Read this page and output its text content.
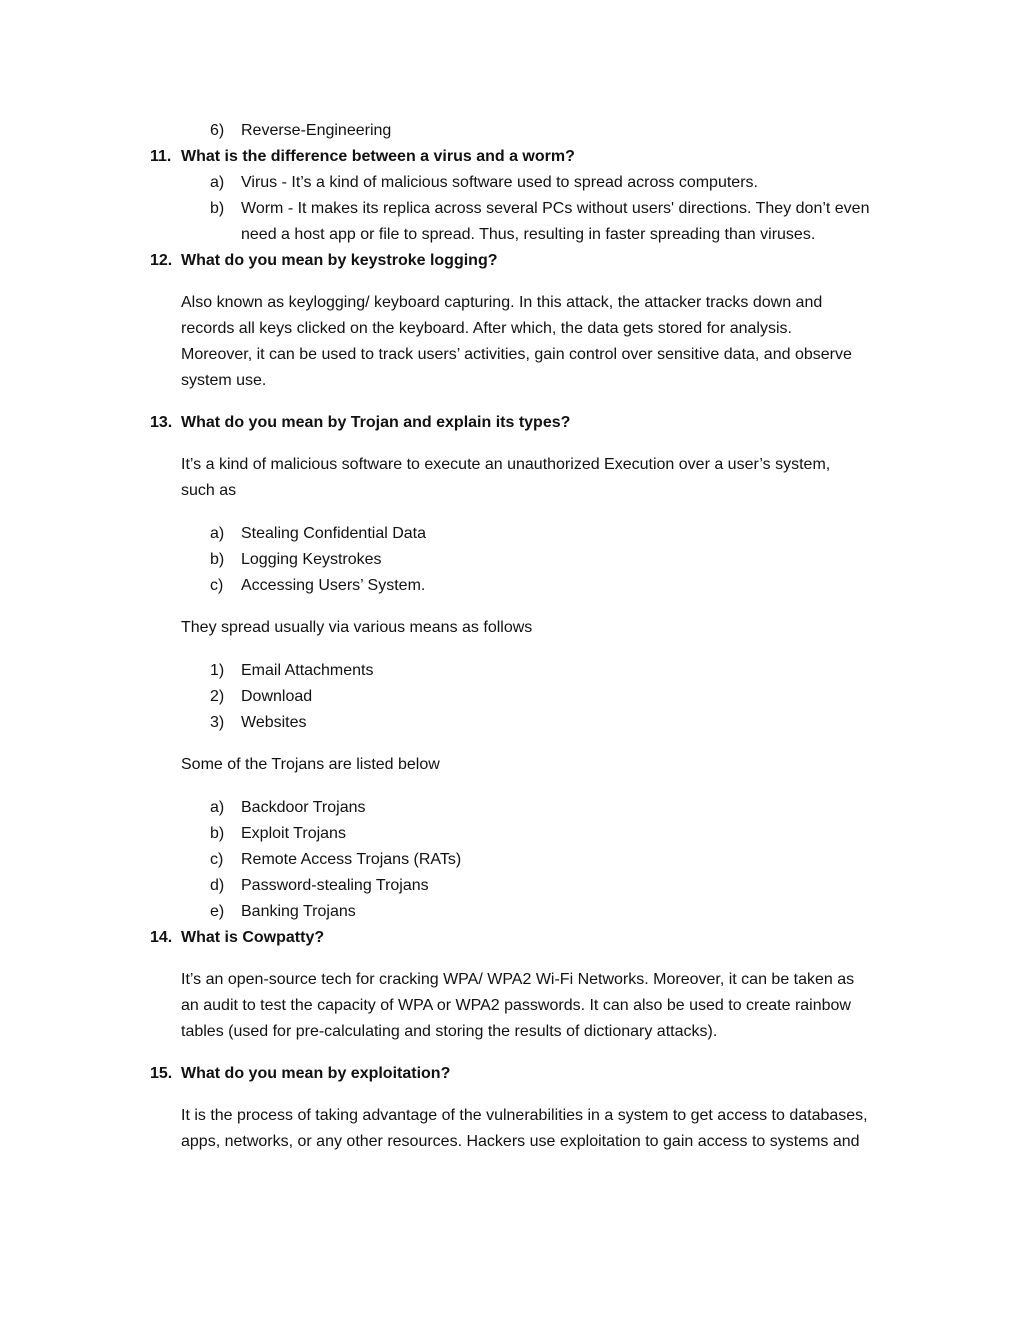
6) Reverse-Engineering
11. What is the difference between a virus and a worm?
a) Virus - It’s a kind of malicious software used to spread across computers.
b) Worm - It makes its replica across several PCs without users' directions. They don’t even
need a host app or file to spread. Thus, resulting in faster spreading than viruses.
12. What do you mean by keystroke logging?
Also known as keylogging/ keyboard capturing. In this attack, the attacker tracks down and
records all keys clicked on the keyboard. After which, the data gets stored for analysis.
Moreover, it can be used to track users’ activities, gain control over sensitive data, and observe
system use.
13. What do you mean by Trojan and explain its types?
It’s a kind of malicious software to execute an unauthorized Execution over a user’s system,
such as
a) Stealing Confidential Data
b) Logging Keystrokes
c) Accessing Users’ System.
They spread usually via various means as follows
1) Email Attachments
2) Download
3) Websites
Some of the Trojans are listed below
a) Backdoor Trojans
b) Exploit Trojans
c) Remote Access Trojans (RATs)
d) Password-stealing Trojans
e) Banking Trojans
14. What is Cowpatty?
It’s an open-source tech for cracking WPA/ WPA2 Wi-Fi Networks. Moreover, it can be taken as
an audit to test the capacity of WPA or WPA2 passwords. It can also be used to create rainbow
tables (used for pre-calculating and storing the results of dictionary attacks).
15. What do you mean by exploitation?
It is the process of taking advantage of the vulnerabilities in a system to get access to databases,
apps, networks, or any other resources. Hackers use exploitation to gain access to systems and
